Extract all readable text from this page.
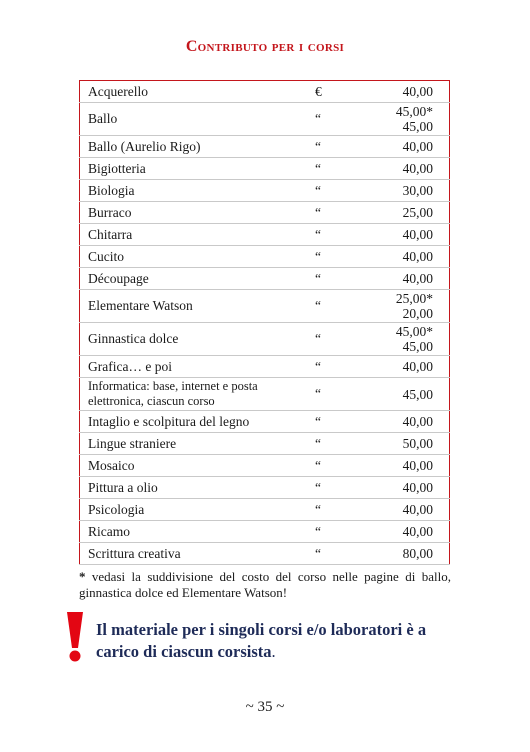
Contributo per i corsi
Acquerello	€	40,00

Ballo	“	45,00*
45,00

Ballo (Aurelio Rigo)	“	40,00

Bigiotteria	“	40,00

Biologia	“	30,00

Burraco	“	25,00

Chitarra	“	40,00

Cucito	“	40,00

Découpage	“	40,00

Elementare Watson	“	25,00*
20,00

Ginnastica dolce	“	45,00*
45,00

Grafica… e poi	“	40,00

Informatica: base, internet e posta elettronica, ciascun corso	“	45,00

Intaglio e scolpitura del legno	“	40,00

Lingue straniere	“	50,00

Mosaico	“	40,00

Pittura a olio	“	40,00

Psicologia	“	40,00

Ricamo	“	40,00

Scrittura creativa	“	80,00
* vedasi la suddivisione del costo del corso nelle pagine di ballo, ginnastica dolce ed Elementare Watson!
Il materiale per i singoli corsi e/o laboratori è a carico di ciascun corsista.
~ 35 ~
